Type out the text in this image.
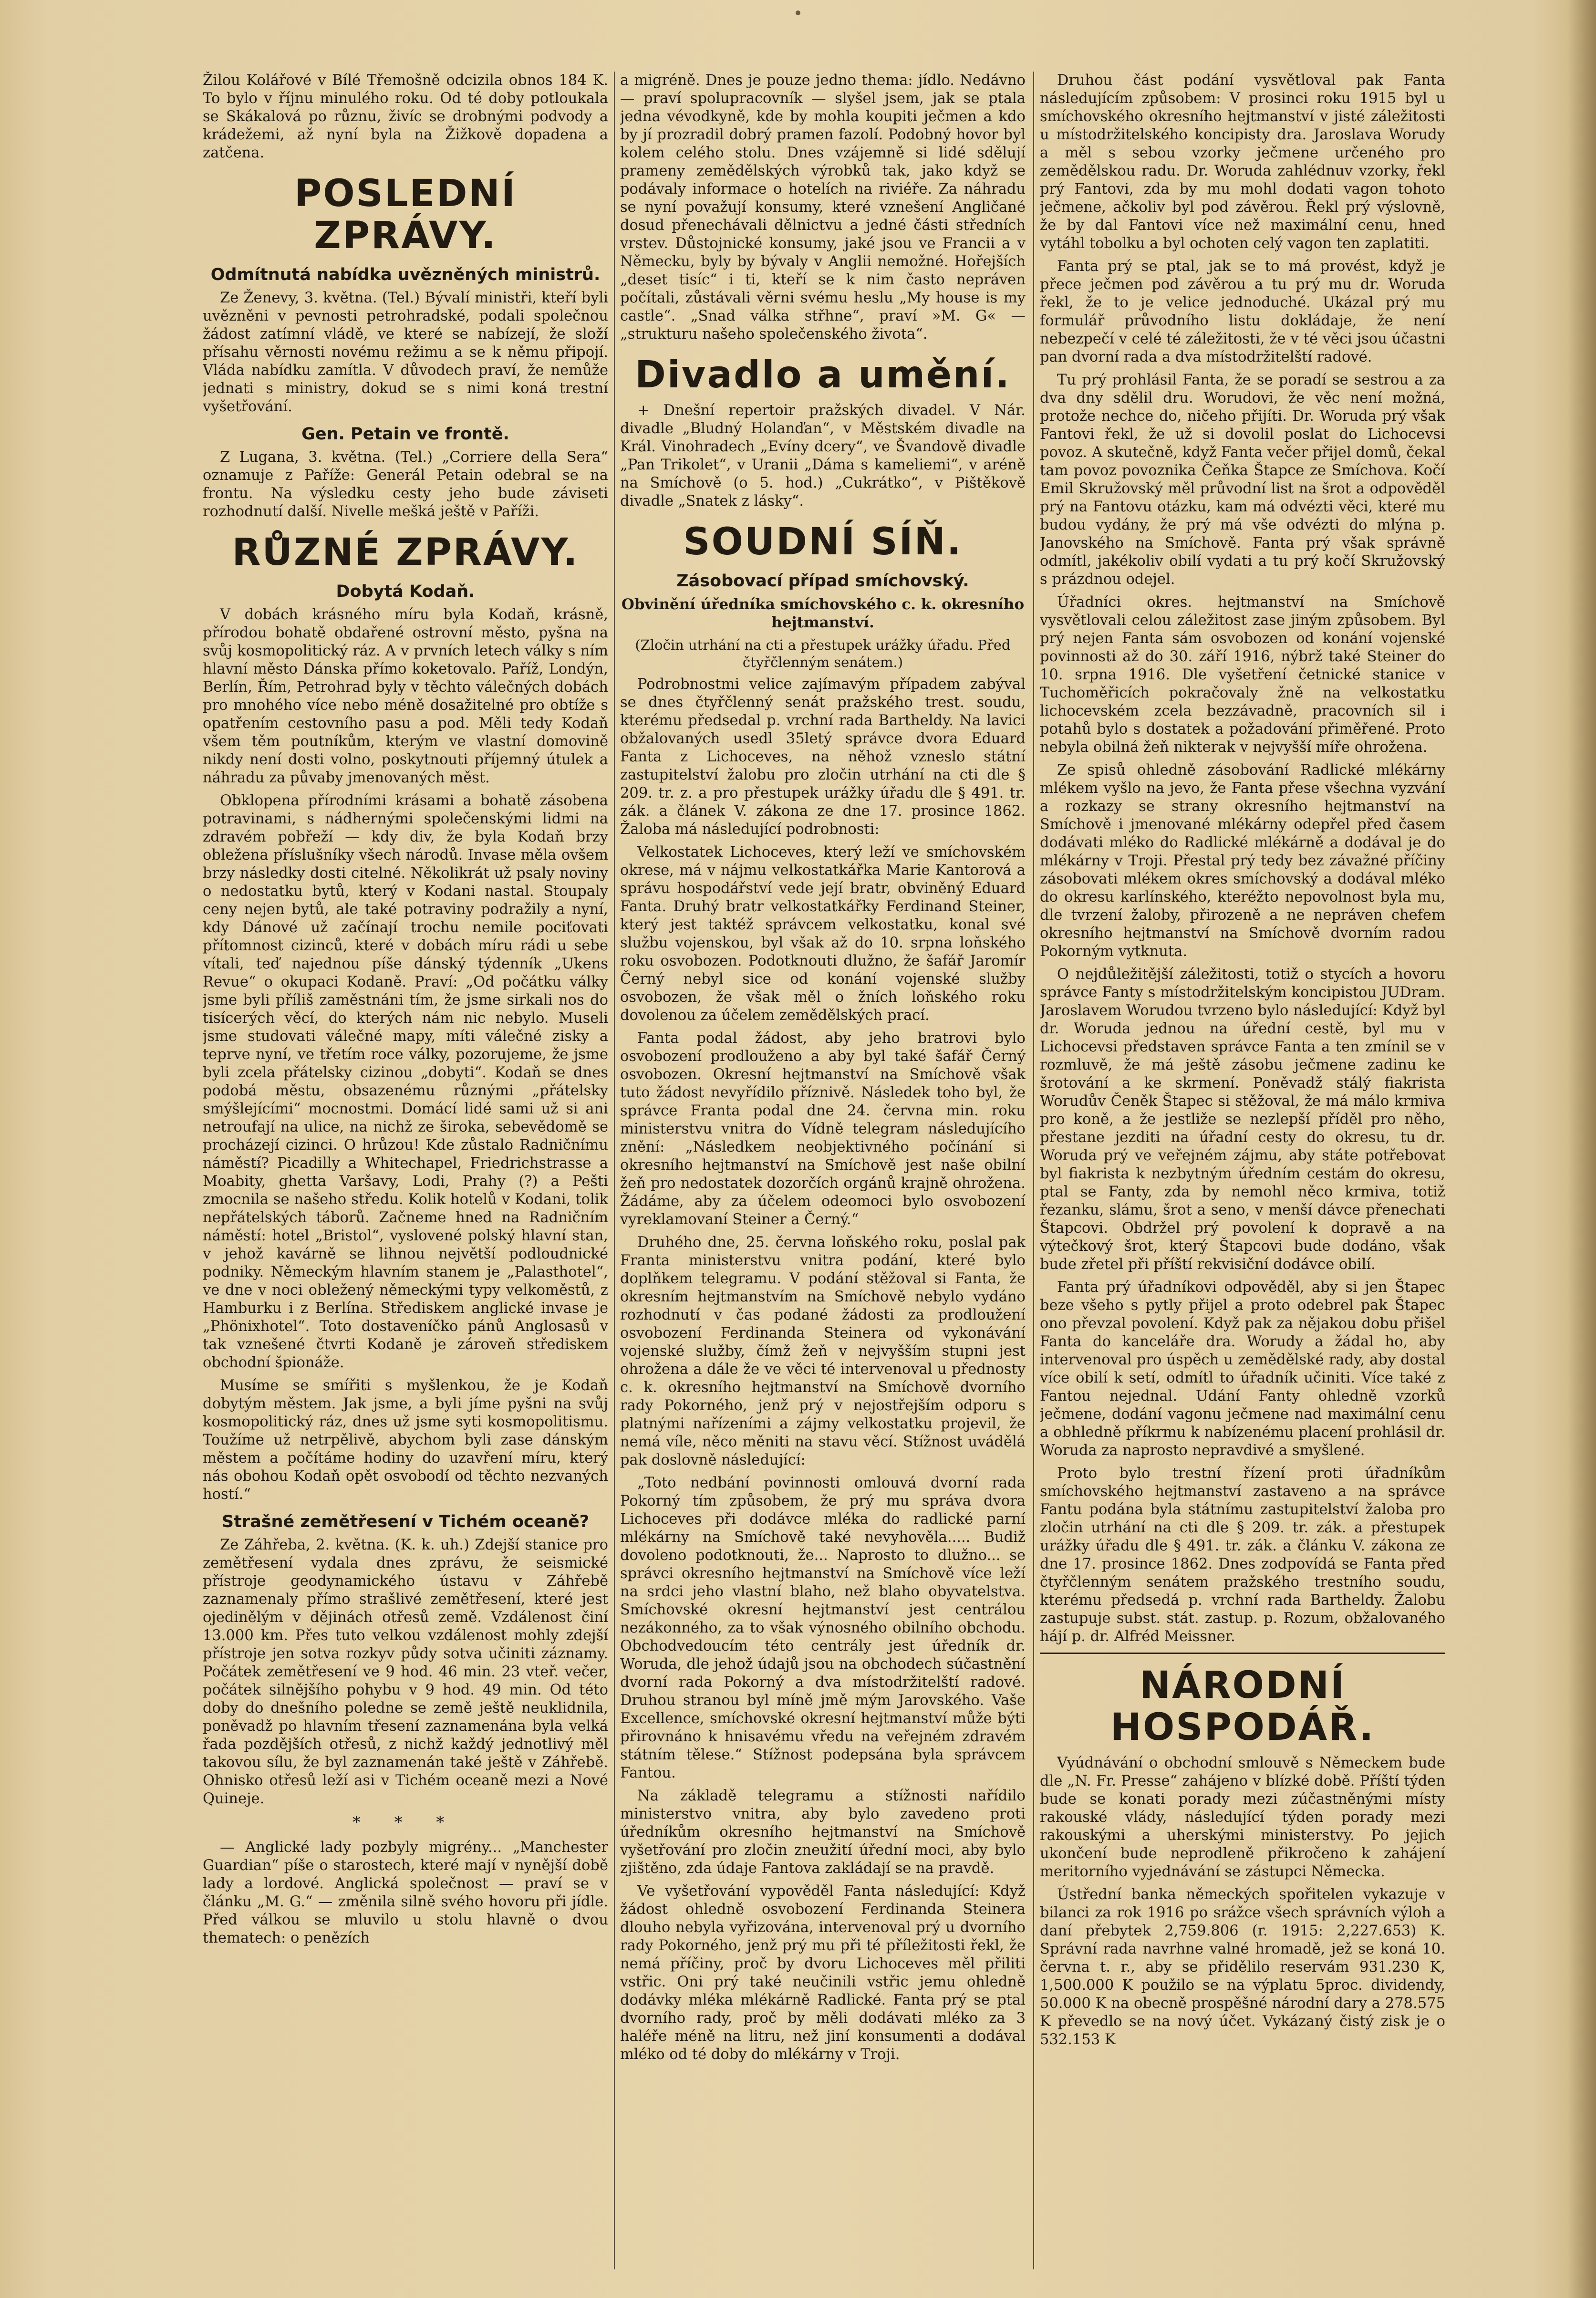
Žilou Kolářové v Bílé Třemošně odcizila obnos 184 K. To bylo v říjnu minulého roku. Od té doby potloukala se Skákalová po různu, živíc se drobnými podvody a krádežemi, až nyní byla na Žižkově dopadena a zatčena.

POSLEDNÍ ZPRÁVY.
Odmítnutá nabídka uvězněných ministrů.

Ze Ženevy, 3. května. (Tel.) Bývalí ministři, kteří byli uvězněni v pevnosti petrohradské, podali společnou žádost zatímní vládě, ve které se nabízejí, že složí přísahu věrnosti novému režimu a se k němu připojí. Vláda nabídku zamítla. V důvodech praví, že nemůže jednati s ministry, dokud se s nimi koná trestní vyšetřování.

Gen. Petain ve frontě.

Z Lugana, 3. května. (Tel.) „Corriere della Sera“ oznamuje z Paříže: Generál Petain odebral se na frontu. Na výsledku cesty jeho bude záviseti rozhodnutí další. Nivelle mešká ještě v Paříži.

RŮZNÉ ZPRÁVY.
Dobytá Kodaň.

V dobách krásného míru byla Kodaň, krásně, přírodou bohatě obdařené ostrovní město, pyšna na svůj kosmopolitický ráz. A v prvních letech války s ním hlavní město Dánska přímo koketovalo. Paříž, Londýn, Berlín, Řím, Petrohrad byly v těchto válečných dobách pro mnohého více nebo méně dosažitelné pro obtíže s opatřením cestovního pasu a pod. Měli tedy Kodaň všem těm poutníkům, kterým ve vlastní domovině nikdy není dosti volno, poskytnouti příjemný útulek a náhradu za půvaby jmenovaných měst.

Obklopena přírodními krásami a bohatě zásobena potravinami, s nádhernými společenskými lidmi na zdravém pobřeží — kdy div, že byla Kodaň brzy obležena příslušníky všech národů. Invase měla ovšem brzy následky dosti citelné. Několikrát už psaly noviny o nedostatku bytů, který v Kodani nastal. Stoupaly ceny nejen bytů, ale také potraviny podražily a nyní, kdy Dánové už začínají trochu nemile pociťovati přítomnost cizinců, které v dobách míru rádi u sebe vítali, teď najednou píše dánský týdenník „Ukens Revue“ o okupaci Kodaně. Praví: „Od počátku války jsme byli příliš zaměstnáni tím, že jsme sirkali nos do tisícerých věcí, do kterých nám nic nebylo. Museli jsme studovati válečné mapy, míti válečné zisky a teprve nyní, ve třetím roce války, pozorujeme, že jsme byli zcela přátelsky cizinou „dobyti“. Kodaň se dnes podobá městu, obsazenému různými „přátelsky smýšlejícími“ mocnostmi. Domácí lidé sami už si ani netroufají na ulice, na nichž ze široka, sebevědomě se procházejí cizinci. O hrůzou! Kde zůstalo Radničnímu náměstí? Picadilly a Whitechapel, Friedrichstrasse a Moabity, ghetta Varšavy, Lodi, Prahy (?) a Pešti zmocnila se našeho středu. Kolik hotelů v Kodani, tolik nepřátelských táborů. Začneme hned na Radničním náměstí: hotel „Bristol“, vyslovené polský hlavní stan, v jehož kavárně se lihnou největší podloudnické podniky. Německým hlavním stanem je „Palasthotel“, ve dne v noci obležený německými typy velkoměstů, z Hamburku i z Berlína. Střediskem anglické invase je „Phönixhotel“. Toto dostaveníčko pánů Anglosasů v tak vznešené čtvrti Kodaně je zároveň střediskem obchodní špionáže.

Musíme se smířiti s myšlenkou, že je Kodaň dobytým městem. Jak jsme, a byli jíme pyšni na svůj kosmopolitický ráz, dnes už jsme syti kosmopolitismu. Toužíme už netrpělivě, abychom byli zase dánským městem a počítáme hodiny do uzavření míru, který nás obohou Kodaň opět osvobodí od těchto nezvaných hostí.“

Strašné zemětřesení v Tichém oceaně?

Ze Záhřeba, 2. května. (K. k. uh.) Zdejší stanice pro zemětřesení vydala dnes zprávu, že seismické přístroje geodynamického ústavu v Záhřebě zaznamenaly přímo strašlivé zemětřesení, které jest ojedinělým v dějinách otřesů země. Vzdálenost činí 13.000 km. Přes tuto velkou vzdálenost mohly zdejší přístroje jen sotva rozkyv půdy sotva učiniti záznamy. Počátek zemětřesení ve 9 hod. 46 min. 23 vteř. večer, počátek silnějšího pohybu v 9 hod. 49 min. Od této doby do dnešního poledne se země ještě neuklidnila, poněvadž po hlavním třesení zaznamenána byla velká řada pozdějších otřesů, z nichž každý jednotlivý měl takovou sílu, že byl zaznamenán také ještě v Záhřebě. Ohnisko otřesů leží asi v Tichém oceaně mezi a Nové Quineje.

* * *

— Anglické lady pozbyly migrény... „Manchester Guardian“ píše o starostech, které mají v nynější době lady a lordové. Anglická společnost — praví se v článku „M. G.“ — změnila silně svého hovoru při jídle. Před válkou se mluvilo u stolu hlavně o dvou thematech: o penězích

a migréně. Dnes je pouze jedno thema: jídlo. Nedávno — praví spolupracovník — slyšel jsem, jak se ptala jedna vévodkyně, kde by mohla koupiti ječmen a kdo by jí prozradil dobrý pramen fazolí. Podobný hovor byl kolem celého stolu. Dnes vzájemně si lidé sdělují prameny zemědělských výrobků tak, jako když se podávaly informace o hotelích na riviéře. Za náhradu se nyní považují konsumy, které vznešení Angličané dosud přenechávali dělnictvu a jedné části středních vrstev. Důstojnické konsumy, jaké jsou ve Francii a v Německu, byly by bývaly v Anglii nemožné. Hořejších „deset tisíc“ i ti, kteří se k nim často nepráven počítali, zůstávali věrni svému heslu „My house is my castle“. „Snad válka střhne“, praví »M. G« — „strukturu našeho společenského života“.

Divadlo a umění.

+ Dnešní repertoir pražských divadel. V Nár. divadle „Bludný Holanďan“, v Městském divadle na Král. Vinohradech „Evíny dcery“, ve Švandově divadle „Pan Trikolet“, v Uranii „Dáma s kameliemi“, v aréně na Smíchově (o 5. hod.) „Cukrátko“, v Pištěkově divadle „Snatek z lásky“.

SOUDNÍ SÍŇ.
Zásobovací případ smíchovský.
Obvinění úředníka smíchovského c. k. okresního hejtmanství.
(Zločin utrhání na cti a přestupek urážky úřadu. Před čtyřčlenným senátem.)

Podrobnostmi velice zajímavým případem zabýval se dnes čtyřčlenný senát pražského trest. soudu, kterému předsedal p. vrchní rada Bartheldy. Na lavici obžalovaných usedl 35letý správce dvora Eduard Fanta z Lichoceves, na něhož vzneslo státní zastupitelství žalobu pro zločin utrhání na cti dle § 209. tr. z. a pro přestupek urážky úřadu dle § 491. tr. zák. a článek V. zákona ze dne 17. prosince 1862. Žaloba má následující podrobnosti:

Velkostatek Lichoceves, který leží ve smíchovském okrese, má v nájmu velkostatkářka Marie Kantorová a správu hospodářství vede její bratr, obviněný Eduard Fanta. Druhý bratr velkostatkářky Ferdinand Steiner, který jest taktéž správcem velkostatku, konal své službu vojenskou, byl však až do 10. srpna loňského roku osvobozen. Podotknouti dlužno, že šafář Jaromír Černý nebyl sice od konání vojenské služby osvobozen, že však měl o žních loňského roku dovolenou za účelem zemědělských prací.

Fanta podal žádost, aby jeho bratrovi bylo osvobození prodlouženo a aby byl také šafář Černý osvobozen. Okresní hejtmanství na Smíchově však tuto žádost nevyřídilo příznivě. Následek toho byl, že správce Franta podal dne 24. června min. roku ministerstvu vnitra do Vídně telegram následujícího znění: „Následkem neobjektivného počínání si okresního hejtmanství na Smíchově jest naše obilní žeň pro nedostatek dozorčích orgánů krajně ohrožena. Žádáme, aby za účelem odeomoci bylo osvobození vyreklamovaní Steiner a Černý.“

Druhého dne, 25. června loňského roku, poslal pak Franta ministerstvu vnitra podání, které bylo doplňkem telegramu. V podání stěžoval si Fanta, že okresním hejtmanstvím na Smíchově nebylo vydáno rozhodnutí v čas podané žádosti za prodloužení osvobození Ferdinanda Steinera od vykonávání vojenské služby, čímž žeň v nejvyšším stupni jest ohrožena a dále že ve věci té intervenoval u přednosty c. k. okresního hejtmanství na Smíchově dvorního rady Pokorného, jenž prý v nejostřejším odporu s platnými nařízeními a zájmy velkostatku projevil, že nemá víle, něco měniti na stavu věcí. Stížnost uvádělá pak doslovně následující:

„Toto nedbání povinnosti omlouvá dvorní rada Pokorný tím způsobem, že prý mu správa dvora Lichoceves při dodávce mléka do radlické parní mlékárny na Smíchově také nevyhověla..... Budiž dovoleno podotknouti, že... Naprosto to dlužno... se správci okresního hejtmanství na Smíchově více leží na srdci jeho vlastní blaho, než blaho obyvatelstva. Smíchovské okresní hejtmanství jest centrálou nezákonného, za to však výnosného obilního obchodu. Obchodvedoucím této centrály jest úředník dr. Woruda, dle jehož údajů jsou na obchodech súčastnění dvorní rada Pokorný a dva místodržitelští radové. Druhou stranou byl míně jmě mým Jarovského. Vaše Excellence, smíchovské okresní hejtmanství může býti přirovnáno k hnisavému vředu na veřejném zdravém státním tělese.“ Stížnost podepsána byla správcem Fantou.

Na základě telegramu a stížnosti nařídilo ministerstvo vnitra, aby bylo zavedeno proti úředníkům okresního hejtmanství na Smíchově vyšetřování pro zločin zneužití úřední moci, aby bylo zjištěno, zda údaje Fantova zakládají se na pravdě.

Ve vyšetřování vypověděl Fanta následující: Když žádost ohledně osvobození Ferdinanda Steinera dlouho nebyla vyřizována, intervenoval prý u dvorního rady Pokorného, jenž prý mu při té příležitosti řekl, že nemá příčiny, proč by dvoru Lichoceves měl přiliti vstřic. Oni prý také neučinili vstřic jemu ohledně dodávky mléka mlékárně Radlické. Fanta prý se ptal dvorního rady, proč by měli dodávati mléko za 3 haléře méně na litru, než jiní konsumenti a dodával mléko od té doby do mlékárny v Troji.

Druhou část podání vysvětloval pak Fanta následujícím způsobem: V prosinci roku 1915 byl u smíchovského okresního hejtmanství v jisté záležitosti u místodržitelského koncipisty dra. Jaroslava Worudy a měl s sebou vzorky ječmene určeného pro zemědělskou radu. Dr. Woruda zahlédnuv vzorky, řekl prý Fantovi, zda by mu mohl dodati vagon tohoto ječmene, ačkoliv byl pod závěrou. Řekl prý výslovně, že by dal Fantovi více než maximální cenu, hned vytáhl tobolku a byl ochoten celý vagon ten zaplatiti.

Fanta prý se ptal, jak se to má provést, když je přece ječmen pod závěrou a tu prý mu dr. Woruda řekl, že to je velice jednoduché. Ukázal prý mu formulář průvodního listu dokládaje, že není nebezpečí v celé té záležitosti, že v té věci jsou účastni pan dvorní rada a dva místodržitelští radové.

Tu prý prohlásil Fanta, že se poradí se sestrou a za dva dny sdělil dru. Worudovi, že věc není možná, protože nechce do, ničeho přijíti. Dr. Woruda prý však Fantovi řekl, že už si dovolil poslat do Lichocevsi povoz. A skutečně, když Fanta večer přijel domů, čekal tam povoz povoznika Čeňka Štapce ze Smíchova. Kočí Emil Skružovský měl průvodní list na šrot a odpověděl prý na Fantovu otázku, kam má odvézti věci, které mu budou vydány, že prý má vše odvézti do mlýna p. Janovského na Smíchově. Fanta prý však správně odmítl, jakékoliv obilí vydati a tu prý kočí Skružovský s prázdnou odejel.

Úřadníci okres. hejtmanství na Smíchově vysvětlovali celou záležitost zase jiným způsobem. Byl prý nejen Fanta sám osvobozen od konání vojenské povinnosti až do 30. září 1916, nýbrž také Steiner do 10. srpna 1916. Dle vyšetření četnické stanice v Tuchoměřicích pokračovaly žně na velkostatku lichocevském zcela bezzávadně, pracovních sil i potahů bylo s dostatek a požadování přiměřené. Proto nebyla obilná žeň nikterak v nejvyšší míře ohrožena.

Ze spisů ohledně zásobování Radlické mlékárny mlékem vyšlo na jevo, že Fanta přese všechna vyzvání a rozkazy se strany okresního hejtmanství na Smíchově i jmenované mlékárny odepřel před časem dodávati mléko do Radlické mlékárně a dodával je do mlékárny v Troji. Přestal prý tedy bez závažné příčiny zásobovati mlékem okres smíchovský a dodával mléko do okresu karlínského, kteréžto nepovolnost byla mu, dle tvrzení žaloby, přirozeně a ne nepráven chefem okresního hejtmanství na Smíchově dvorním radou Pokorným vytknuta.

O nejdůležitější záležitosti, totiž o stycích a hovoru správce Fanty s místodržitelským koncipistou JUDram. Jaroslavem Worudou tvrzeno bylo následující: Když byl dr. Woruda jednou na úřední cestě, byl mu v Lichocevsi představen správce Fanta a ten zmínil se v rozmluvě, že má ještě zásobu ječmene zadinu ke šrotování a ke skrmení. Poněvadž stálý fiakrista Worudův Čeněk Štapec si stěžoval, že má málo krmiva pro koně, a že jestliže se nezlepší příděl pro něho, přestane jezditi na úřadní cesty do okresu, tu dr. Woruda prý ve veřejném zájmu, aby státe potřebovat byl fiakrista k nezbytným úředním cestám do okresu, ptal se Fanty, zda by nemohl něco krmiva, totiž řezanku, slámu, šrot a seno, v menší dávce přenechati Štapcovi. Obdržel prý povolení k dopravě a na výtečkový šrot, který Štapcovi bude dodáno, však bude zřetel při příští rekvisiční dodávce obilí.

Fanta prý úřadníkovi odpověděl, aby si jen Štapec beze všeho s pytly přijel a proto odebrel pak Štapec ono převzal povolení. Když pak za nějakou dobu přišel Fanta do kanceláře dra. Worudy a žádal ho, aby intervenoval pro úspěch u zemědělské rady, aby dostal více obilí k setí, odmítl to úřadník učiniti. Více také z Fantou nejednal. Udání Fanty ohledně vzorků ječmene, dodání vagonu ječmene nad maximální cenu a obhledně příkrmu k nabízenému placení prohlásil dr. Woruda za naprosto nepravdivé a smyšlené.

Proto bylo trestní řízení proti úřadníkům smíchovského hejtmanství zastaveno a na správce Fantu podána byla státnímu zastupitelství žaloba pro zločin utrhání na cti dle § 209. tr. zák. a přestupek urážky úřadu dle § 491. tr. zák. a článku V. zákona ze dne 17. prosince 1862. Dnes zodpovídá se Fanta před čtyřčlenným senátem pražského trestního soudu, kterému předsedá p. vrchní rada Bartheldy. Žalobu zastupuje subst. stát. zastup. p. Rozum, obžalovaného hájí p. dr. Alfréd Meissner.

NÁRODNÍ HOSPODÁŘ.

Vyúdnávání o obchodní smlouvě s Německem bude dle „N. Fr. Presse“ zahájeno v blízké době. Příští týden bude se konati porady mezi zúčastněnými místy rakouské vlády, následující týden porady mezi rakouskými a uherskými ministerstvy. Po jejich ukončení bude neprodleně přikročeno k zahájení meritorního vyjednávání se zástupci Německa.

Ústřední banka německých spořitelen vykazuje v bilanci za rok 1916 po srážce všech správních výloh a daní přebytek 2,759.806 (r. 1915: 2,227.653) K. Správní rada navrhne valné hromadě, jež se koná 10. června t. r., aby se přidělilo reservám 931.230 K, 1,500.000 K použilo se na výplatu 5proc. dividendy, 50.000 K na obecně prospěšné národní dary a 278.575 K převedlo se na nový účet. Vykázaný čistý zisk je o 532.153 K
